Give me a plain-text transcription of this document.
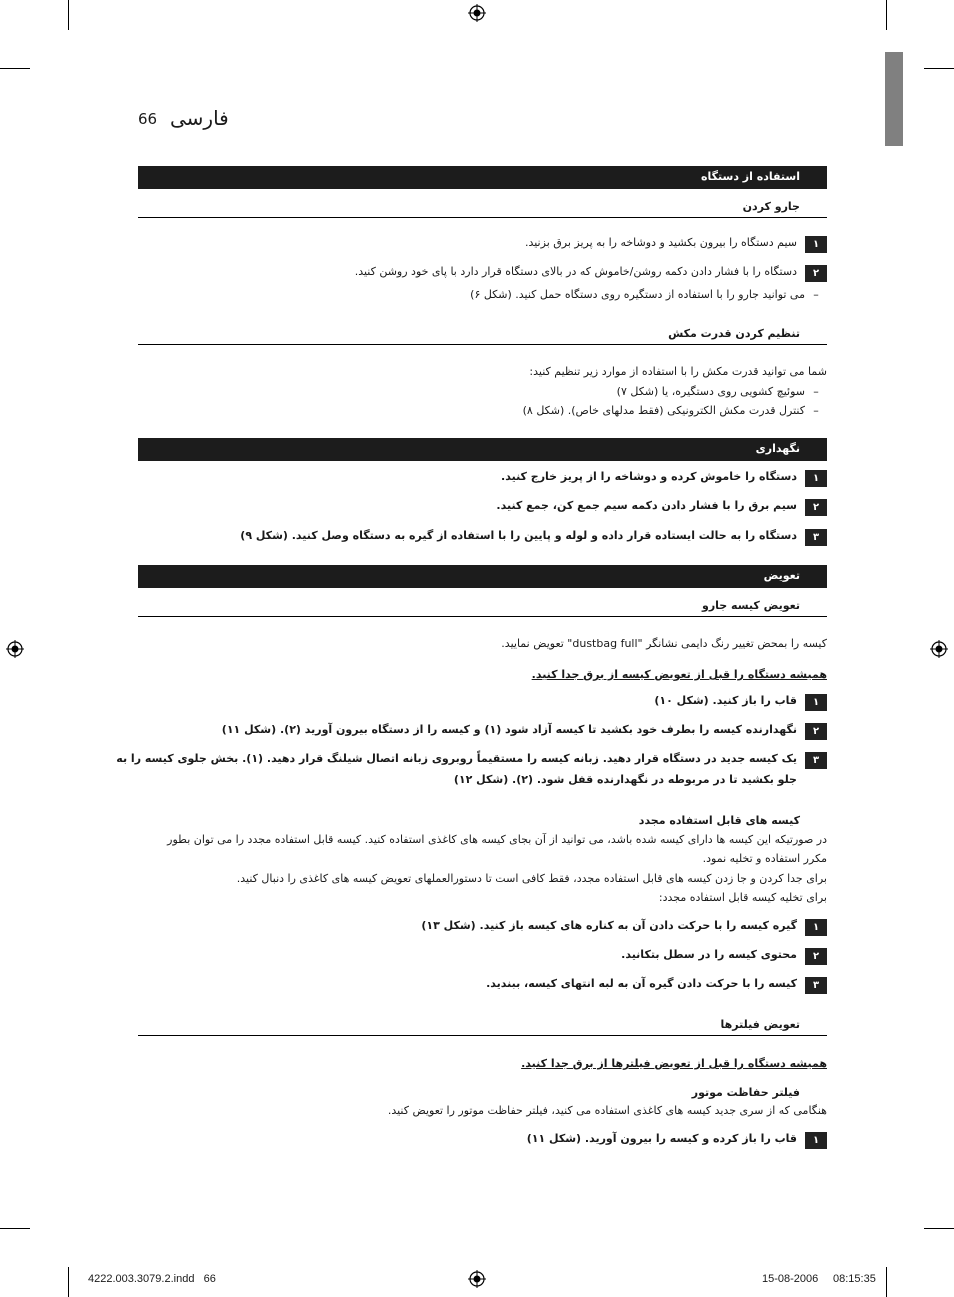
66 فارسی
استفاده از دستگاه
جارو کردن
۱
سیم دستگاه را بیرون بکشید و دوشاخه را به پریز برق بزنید.
۲
دستگاه را با فشار دادن دکمه روشن/خاموش که در بالای دستگاه قرار دارد با پای خود روشن کنید.
–می توانید جارو را با استفاده از دستگیره روی دستگاه حمل کنید. (شکل ۶)
تنظیم کردن قدرت مکش
شما می توانید قدرت مکش را با استفاده از موارد زیر تنظیم کنید:
–سوئیچ کشویی روی دستگیره، یا (شکل ۷)
–کنترل قدرت مکش الکترونیکی (فقط مدلهای خاص). (شکل ۸)
نگهداری
۱
دستگاه را خاموش کرده و دوشاخه را از پریز خارج کنید.
۲
سیم برق را با فشار دادن دکمه سیم جمع کن، جمع کنید.
۳
دستگاه را به حالت ایستاده قرار داده و لوله و پایین را با استفاده از گیره به دستگاه وصل کنید. (شکل ۹)
تعویض
تعویض کیسه جارو
کیسه را بمحض تغییر رنگ دایمی نشانگر "dustbag full" تعویض نمایید.
همیشه دستگاه را قبل از تعویض کیسه از برق جدا کنید.
۱
قاب را باز کنید. (شکل ۱۰)
۲
نگهدارنده کیسه را بطرف خود بکشید تا کیسه آزاد شود (۱) و کیسه را از دستگاه بیرون آورید (۲). (شکل ۱۱)
۳
یک کیسه جدید در دستگاه قرار دهید. زبانه کیسه را مستقیماً روبروی زبانه اتصال شیلنگ قرار دهید. (۱). بخش جلوی کیسه را به
جلو بکشید تا در مربوطه در نگهدارنده قفل شود. (۲). (شکل ۱۲)
کیسه های قابل استفاده مجدد
در صورتیکه این کیسه ها دارای کیسه شده باشد، می توانید از آن بجای کیسه های کاغذی استفاده کنید. کیسه قابل استفاده مجدد را می توان بطور
مکرر استفاده و تخلیه نمود.
برای جدا کردن و جا زدن کیسه های قابل استفاده مجدد، فقط کافی است تا دستورالعملهای تعویض کیسه های کاغذی را دنبال کنید.
برای تخلیه کیسه قابل استفاده مجدد:
۱
گیره کیسه را با حرکت دادن آن به کناره های کیسه باز کنید. (شکل ۱۳)
۲
محتوی کیسه را در سطل بتکانید.
۳
کیسه را با حرکت دادن گیره آن به لبه انتهای کیسه، ببندید.
تعویض فیلترها
همیشه دستگاه را قبل از تعویض فیلترها از برق جدا کنید.
فیلتر حفاظت موتور
هنگامی که از سری جدید کیسه های کاغذی استفاده می کنید، فیلتر حفاظت موتور را تعویض کنید.
۱
قاب را باز کرده و کیسه را بیرون آورید. (شکل ۱۱)
4222.003.3079.2.indd   66	15-08-2006 08:15:35
